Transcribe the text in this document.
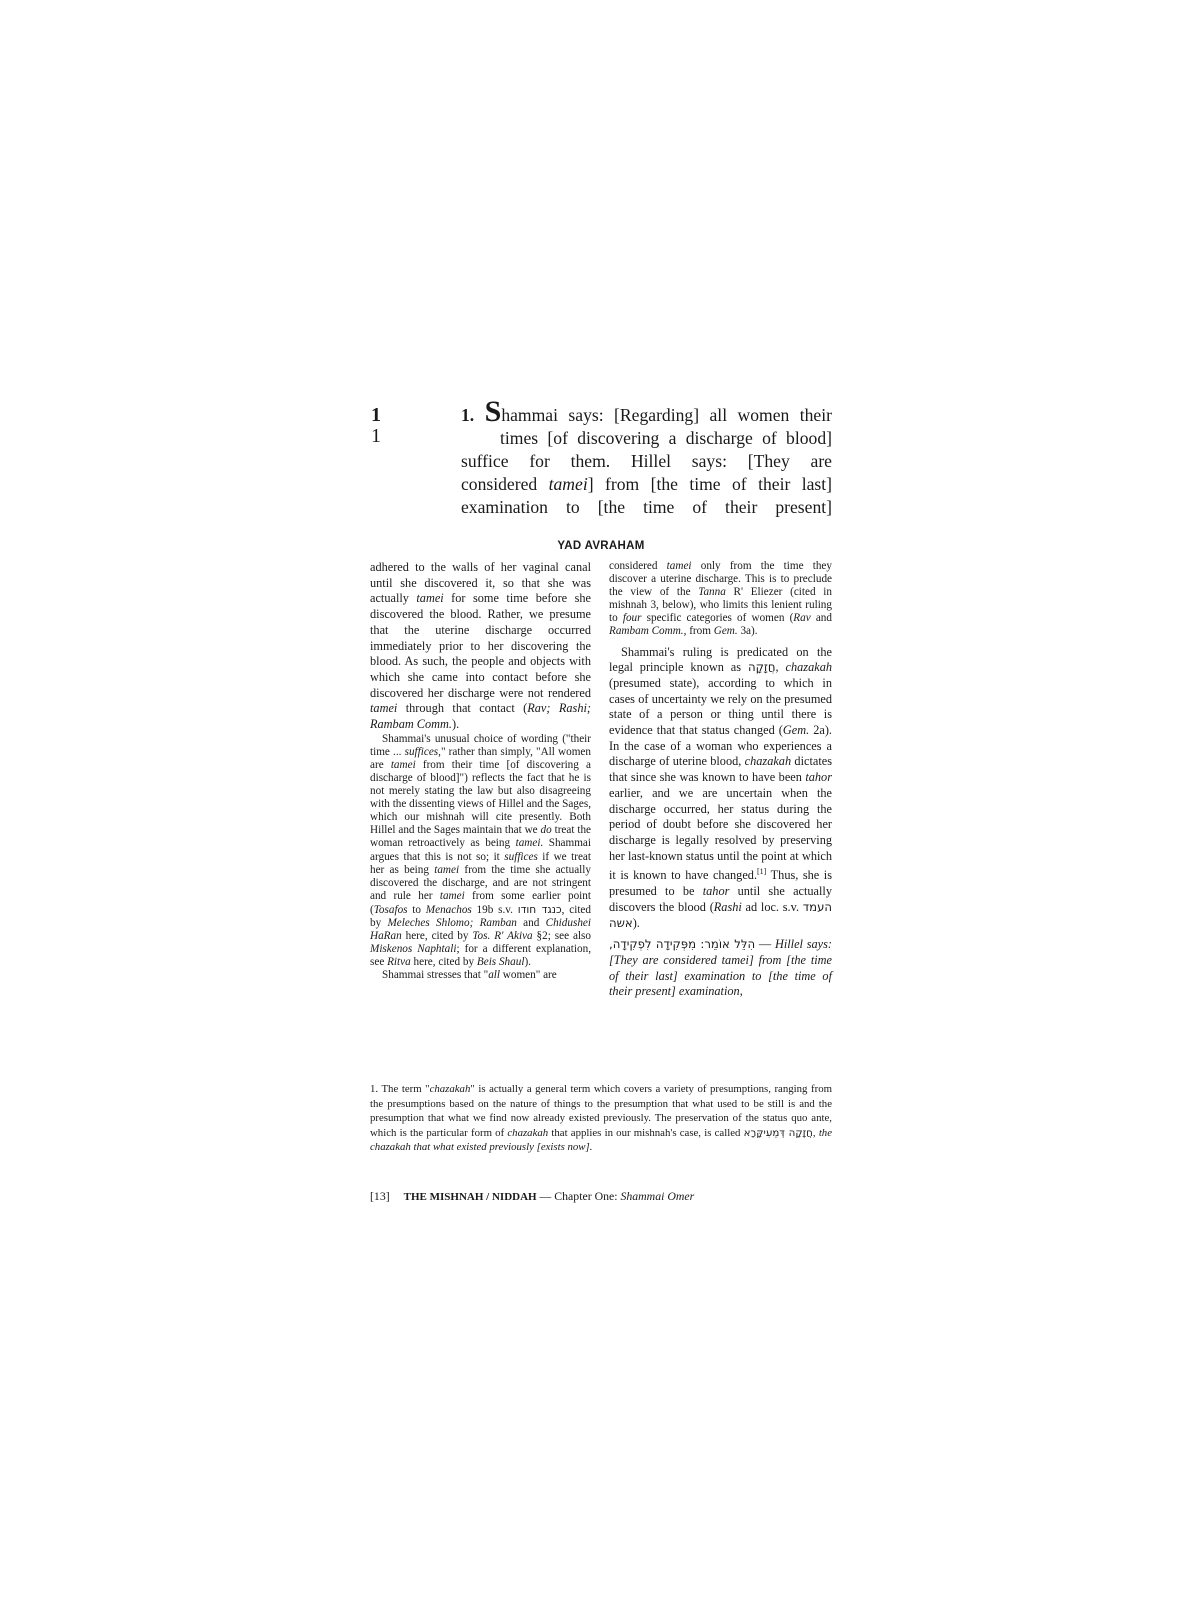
1
1
1. Shammai says: [Regarding] all women their
times [of discovering a discharge of blood]
suffice for them. Hillel says: [They are
considered tamei] from [the time of their last]
examination to [the time of their present]
YAD AVRAHAM

adhered to the walls of her vaginal canal until she discovered it, so that she was actually tamei for some time before she discovered the blood. Rather, we presume that the uterine discharge occurred immediately prior to her discovering the blood. As such, the people and objects with which she came into contact before she discovered her discharge were not rendered tamei through that contact (Rav; Rashi; Rambam Comm.).

Shammai's unusual choice of wording ("their time ... suffices," rather than simply, "All women are tamei from their time [of discovering a discharge of blood]") reflects the fact that he is not merely stating the law but also disagreeing with the dissenting views of Hillel and the Sages, which our mishnah will cite presently. Both Hillel and the Sages maintain that we do treat the woman retroactively as being tamei. Shammai argues that this is not so; it suffices if we treat her as being tamei from the time she actually discovered the discharge, and are not stringent and rule her tamei from some earlier point (Tosafos to Menachos 19b s.v. כנגד חודו, cited by Meleches Shlomo; Ramban and Chidushei HaRan here, cited by Tos. R' Akiva §2; see also Miskenos Naphtali; for a different explanation, see Ritva here, cited by Beis Shaul).

Shammai stresses that "all women" are

considered tamei only from the time they discover a uterine discharge. This is to preclude the view of the Tanna R' Eliezer (cited in mishnah 3, below), who limits this lenient ruling to four specific categories of women (Rav and Rambam Comm., from Gem. 3a).

Shammai's ruling is predicated on the legal principle known as חֲזָקָה, chazakah (presumed state), according to which in cases of uncertainty we rely on the presumed state of a person or thing until there is evidence that that status changed (Gem. 2a). In the case of a woman who experiences a discharge of uterine blood, chazakah dictates that since she was known to have been tahor earlier, and we are uncertain when the discharge occurred, her status during the period of doubt before she discovered her discharge is legally resolved by preserving her last-known status until the point at which it is known to have changed.[1] Thus, she is presumed to be tahor until she actually discovers the blood (Rashi ad loc. s.v. העמד אשה).

הִלֵּל אוֹמֵר: מִפְּקִידָה לִפְקִידָה, — Hillel says: [They are considered tamei] from [the time of their last] examination to [the time of their present] examination,

1. The term "chazakah" is actually a general term which covers a variety of presumptions, ranging from the presumptions based on the nature of things to the presumption that what used to be still is and the presumption that what we find now already existed previously. The preservation of the status quo ante, which is the particular form of chazakah that applies in our mishnah's case, is called חֲזָקָה דְּמֵעִיקָּרָא, the chazakah that what existed previously [exists now].
[13] THE MISHNAH / NIDDAH — Chapter One: Shammai Omer
